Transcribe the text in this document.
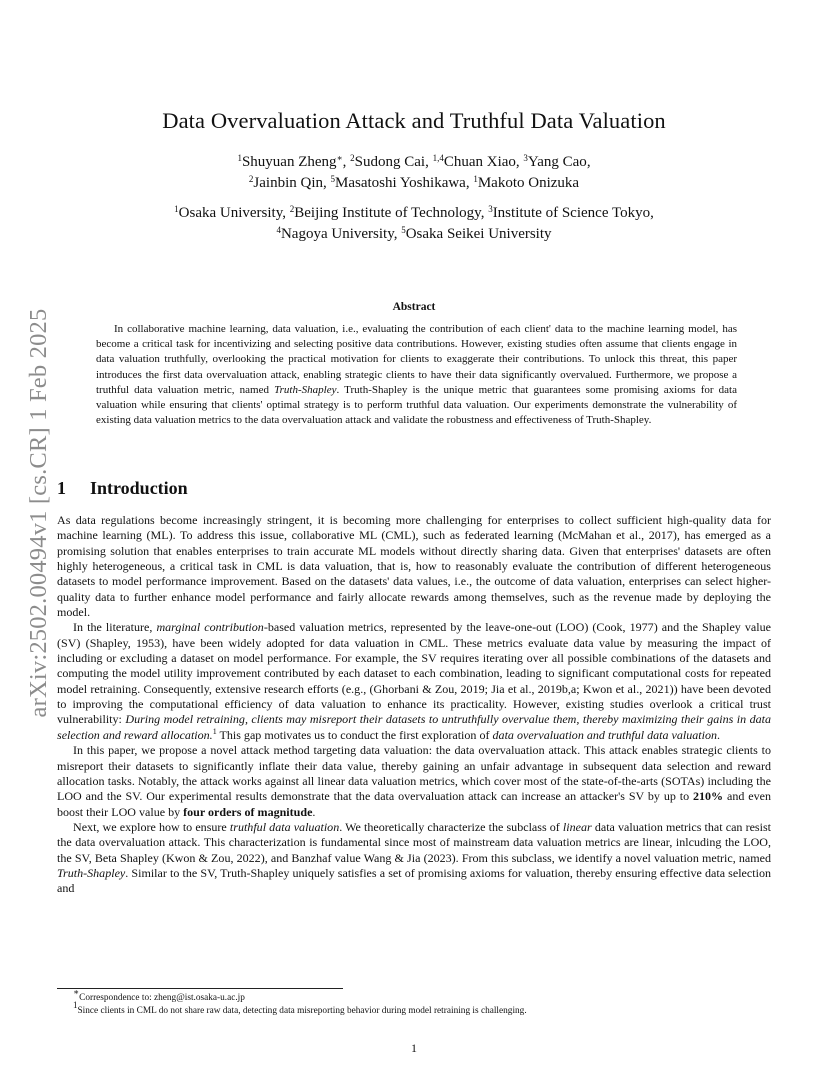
arXiv:2502.00494v1 [cs.CR] 1 Feb 2025
Data Overvaluation Attack and Truthful Data Valuation
$^1$Shuyuan Zheng∗, $^2$Sudong Cai, $^{1,4}$Chuan Xiao, $^3$Yang Cao,
$^2$Jainbin Qin, $^5$Masatoshi Yoshikawa, $^1$Makoto Onizuka
$^1$Osaka University, $^2$Beijing Institute of Technology, $^3$Institute of Science Tokyo,
$^4$Nagoya University, $^5$Osaka Seikei University
Abstract
In collaborative machine learning, data valuation, i.e., evaluating the contribution of each client' data to the machine learning model, has become a critical task for incentivizing and selecting positive data contributions. However, existing studies often assume that clients engage in data valuation truthfully, overlooking the practical motivation for clients to exaggerate their contributions. To unlock this threat, this paper introduces the first data overvaluation attack, enabling strategic clients to have their data significantly overvalued. Furthermore, we propose a truthful data valuation metric, named Truth-Shapley. Truth-Shapley is the unique metric that guarantees some promising axioms for data valuation while ensuring that clients' optimal strategy is to perform truthful data valuation. Our experiments demonstrate the vulnerability of existing data valuation metrics to the data overvaluation attack and validate the robustness and effectiveness of Truth-Shapley.
1 Introduction

As data regulations become increasingly stringent, it is becoming more challenging for enterprises to collect sufficient high-quality data for machine learning (ML). To address this issue, collaborative ML (CML), such as federated learning (McMahan et al., 2017), has emerged as a promising solution that enables enterprises to train accurate ML models without directly sharing data. Given that enterprises' datasets are often highly heterogeneous, a critical task in CML is data valuation, that is, how to reasonably evaluate the contribution of different heterogeneous datasets to model performance improvement. Based on the datasets' data values, i.e., the outcome of data valuation, enterprises can select higher-quality data to further enhance model performance and fairly allocate rewards among themselves, such as the revenue made by deploying the model.

In the literature, marginal contribution-based valuation metrics, represented by the leave-one-out (LOO) (Cook, 1977) and the Shapley value (SV) (Shapley, 1953), have been widely adopted for data valuation in CML. These metrics evaluate data value by measuring the impact of including or excluding a dataset on model performance. For example, the SV requires iterating over all possible combinations of the datasets and computing the model utility improvement contributed by each dataset to each combination, leading to significant computational costs for repeated model retraining. Consequently, extensive research efforts (e.g., (Ghorbani & Zou, 2019; Jia et al., 2019b,a; Kwon et al., 2021)) have been devoted to improving the computational efficiency of data valuation to enhance its practicality. However, existing studies overlook a critical trust vulnerability: During model retraining, clients may misreport their datasets to untruthfully overvalue them, thereby maximizing their gains in data selection and reward allocation.$^1$ This gap motivates us to conduct the first exploration of data overvaluation and truthful data valuation.

In this paper, we propose a novel attack method targeting data valuation: the data overvaluation attack. This attack enables strategic clients to misreport their datasets to significantly inflate their data value, thereby gaining an unfair advantage in subsequent data selection and reward allocation tasks. Notably, the attack works against all linear data valuation metrics, which cover most of the state-of-the-arts (SOTAs) including the LOO and the SV. Our experimental results demonstrate that the data overvaluation attack can increase an attacker's SV by up to 210% and even boost their LOO value by four orders of magnitude.

Next, we explore how to ensure truthful data valuation. We theoretically characterize the subclass of linear data valuation metrics that can resist the data overvaluation attack. This characterization is fundamental since most of mainstream data valuation metrics are linear, inlcuding the LOO, the SV, Beta Shapley (Kwon & Zou, 2022), and Banzhaf value Wang & Jia (2023). From this subclass, we identify a novel valuation metric, named Truth-Shapley. Similar to the SV, Truth-Shapley uniquely satisfies a set of promising axioms for valuation, thereby ensuring effective data selection and

∗Correspondence to: zheng@ist.osaka-u.ac.jp
$^1$Since clients in CML do not share raw data, detecting data misreporting behavior during model retraining is challenging.
1
